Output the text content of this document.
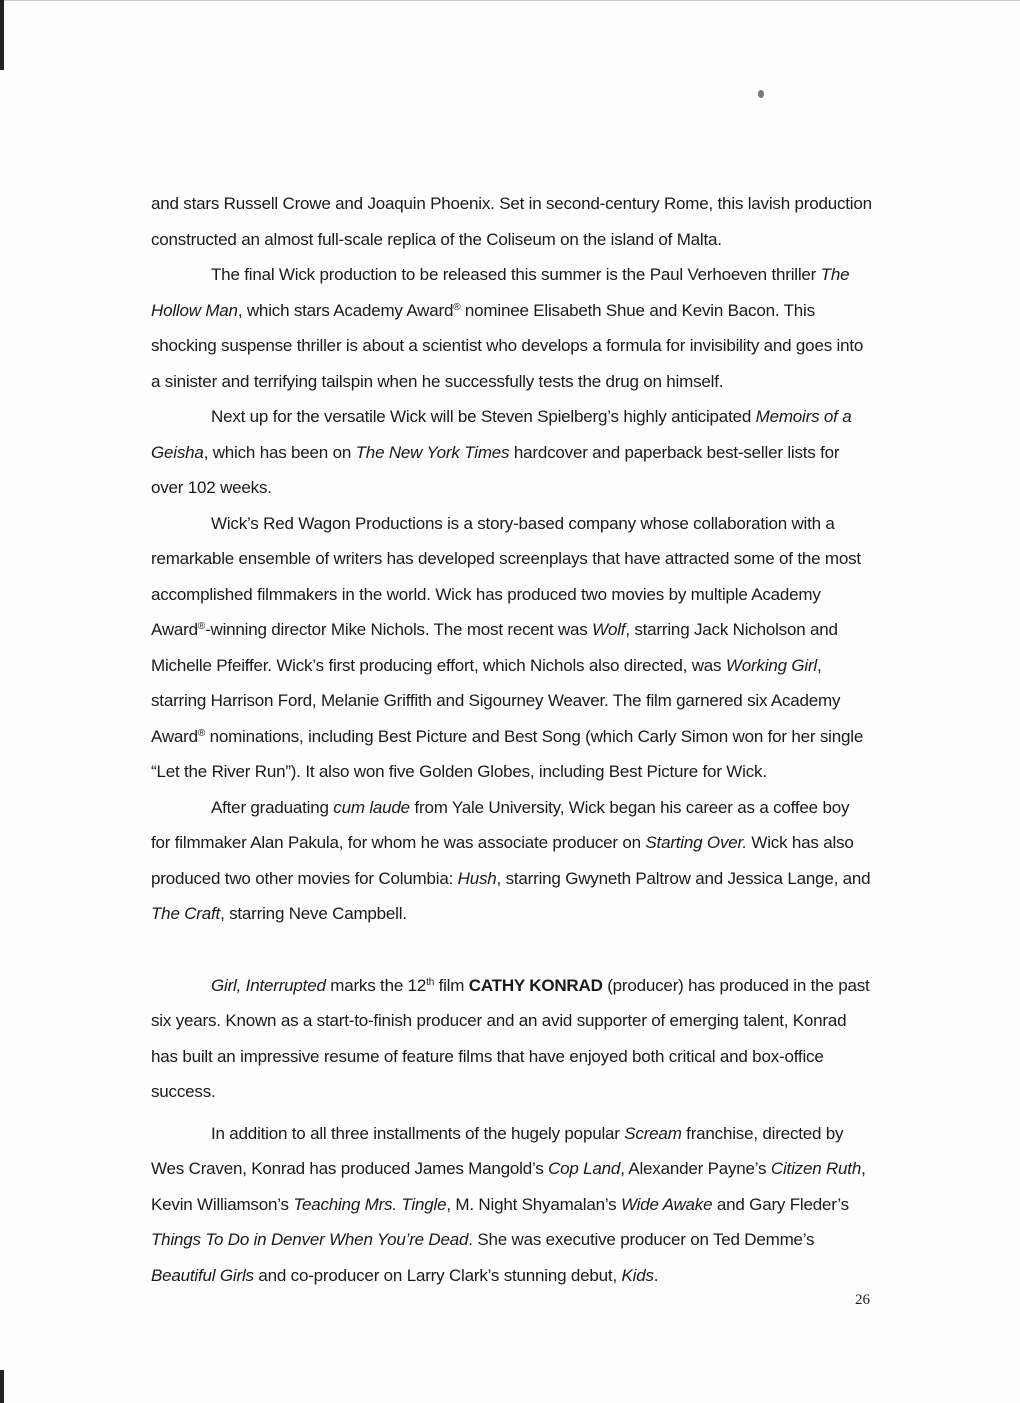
and stars Russell Crowe and Joaquin Phoenix. Set in second-century Rome, this lavish production constructed an almost full-scale replica of the Coliseum on the island of Malta.

The final Wick production to be released this summer is the Paul Verhoeven thriller The Hollow Man, which stars Academy Award® nominee Elisabeth Shue and Kevin Bacon. This shocking suspense thriller is about a scientist who develops a formula for invisibility and goes into a sinister and terrifying tailspin when he successfully tests the drug on himself.

Next up for the versatile Wick will be Steven Spielberg’s highly anticipated Memoirs of a Geisha, which has been on The New York Times hardcover and paperback best-seller lists for over 102 weeks.

Wick’s Red Wagon Productions is a story-based company whose collaboration with a remarkable ensemble of writers has developed screenplays that have attracted some of the most accomplished filmmakers in the world. Wick has produced two movies by multiple Academy Award®-winning director Mike Nichols. The most recent was Wolf, starring Jack Nicholson and Michelle Pfeiffer. Wick’s first producing effort, which Nichols also directed, was Working Girl, starring Harrison Ford, Melanie Griffith and Sigourney Weaver. The film garnered six Academy Award® nominations, including Best Picture and Best Song (which Carly Simon won for her single “Let the River Run”). It also won five Golden Globes, including Best Picture for Wick.

After graduating cum laude from Yale University, Wick began his career as a coffee boy for filmmaker Alan Pakula, for whom he was associate producer on Starting Over. Wick has also produced two other movies for Columbia: Hush, starring Gwyneth Paltrow and Jessica Lange, and The Craft, starring Neve Campbell.

Girl, Interrupted marks the 12th film CATHY KONRAD (producer) has produced in the past six years. Known as a start-to-finish producer and an avid supporter of emerging talent, Konrad has built an impressive resume of feature films that have enjoyed both critical and box-office success.

In addition to all three installments of the hugely popular Scream franchise, directed by Wes Craven, Konrad has produced James Mangold’s Cop Land, Alexander Payne’s Citizen Ruth, Kevin Williamson’s Teaching Mrs. Tingle, M. Night Shyamalan’s Wide Awake and Gary Fleder’s Things To Do in Denver When You’re Dead. She was executive producer on Ted Demme’s Beautiful Girls and co-producer on Larry Clark’s stunning debut, Kids.

26
